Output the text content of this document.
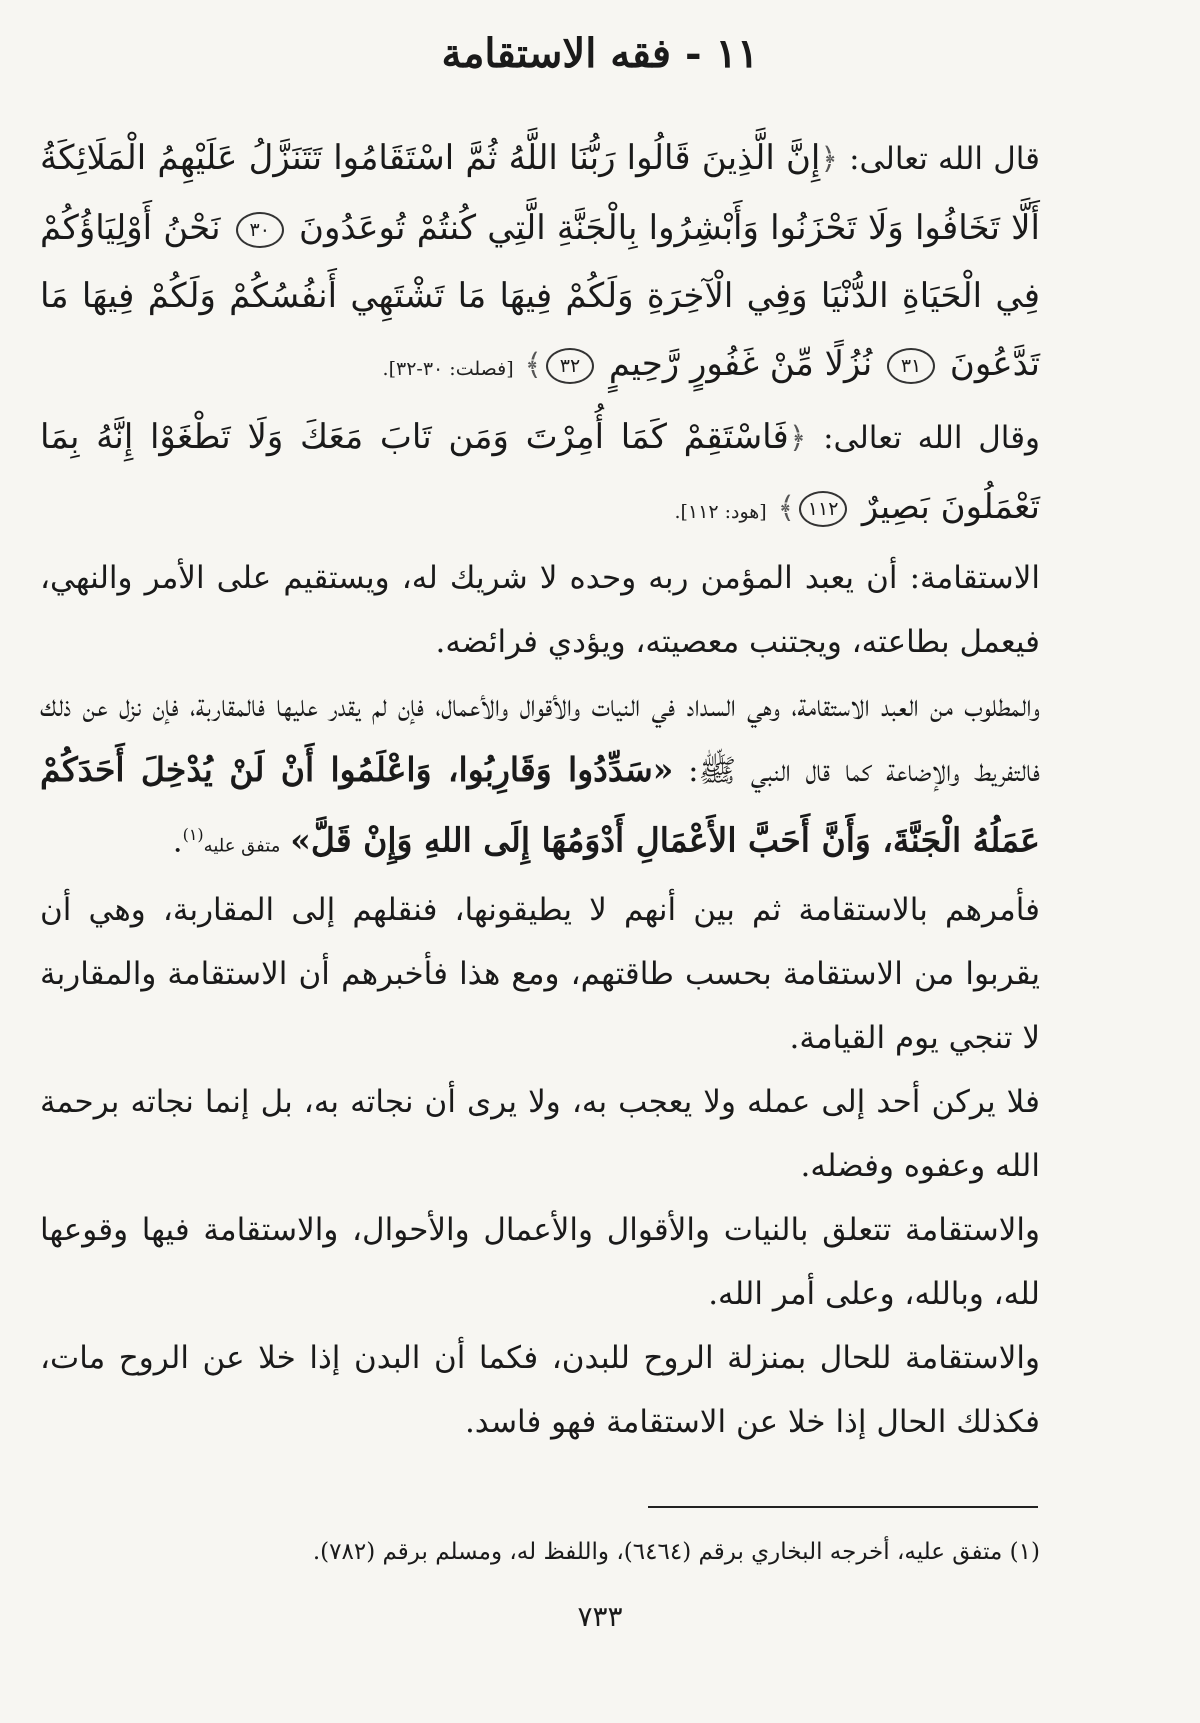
١١ - فقه الاستقامة

قال الله تعالى: ﴿إِنَّ الَّذِينَ قَالُوا رَبُّنَا اللَّهُ ثُمَّ اسْتَقَامُوا تَتَنَزَّلُ عَلَيْهِمُ الْمَلَائِكَةُ أَلَّا تَخَافُوا وَلَا تَحْزَنُوا وَأَبْشِرُوا بِالْجَنَّةِ الَّتِي كُنتُمْ تُوعَدُونَ ٣٠ نَحْنُ أَوْلِيَاؤُكُمْ فِي الْحَيَاةِ الدُّنْيَا وَفِي الْآخِرَةِ وَلَكُمْ فِيهَا مَا تَشْتَهِي أَنفُسُكُمْ وَلَكُمْ فِيهَا مَا تَدَّعُونَ ٣١ نُزُلًا مِّنْ غَفُورٍ رَّحِيمٍ ٣٢﴾ [فصلت: ٣٠-٣٢].

وقال الله تعالى: ﴿فَاسْتَقِمْ كَمَا أُمِرْتَ وَمَن تَابَ مَعَكَ وَلَا تَطْغَوْا إِنَّهُ بِمَا تَعْمَلُونَ بَصِيرٌ ١١٢﴾ [هود: ١١٢].

الاستقامة: أن يعبد المؤمن ربه وحده لا شريك له، ويستقيم على الأمر والنهي، فيعمل بطاعته، ويجتنب معصيته، ويؤدي فرائضه.

والمطلوب من العبد الاستقامة، وهي السداد في النيات والأقوال والأعمال، فإن لم يقدر عليها فالمقاربة، فإن نزل عن ذلك فالتفريط والإضاعة كما قال النبي ﷺ: «سَدِّدُوا وَقَارِبُوا، وَاعْلَمُوا أَنْ لَنْ يُدْخِلَ أَحَدَكُمْ عَمَلُهُ الْجَنَّةَ، وَأَنَّ أَحَبَّ الأَعْمَالِ أَدْوَمُهَا إِلَى اللهِ وَإِنْ قَلَّ» متفق عليه$^{(١)}$.

فأمرهم بالاستقامة ثم بين أنهم لا يطيقونها، فنقلهم إلى المقاربة، وهي أن يقربوا من الاستقامة بحسب طاقتهم، ومع هذا فأخبرهم أن الاستقامة والمقاربة لا تنجي يوم القيامة.

فلا يركن أحد إلى عمله ولا يعجب به، ولا يرى أن نجاته به، بل إنما نجاته برحمة الله وعفوه وفضله.

والاستقامة تتعلق بالنيات والأقوال والأعمال والأحوال، والاستقامة فيها وقوعها لله، وبالله، وعلى أمر الله.

والاستقامة للحال بمنزلة الروح للبدن، فكما أن البدن إذا خلا عن الروح مات، فكذلك الحال إذا خلا عن الاستقامة فهو فاسد.

(١) متفق عليه، أخرجه البخاري برقم (٦٤٦٤)، واللفظ له، ومسلم برقم (٧٨٢).

٧٣٣
